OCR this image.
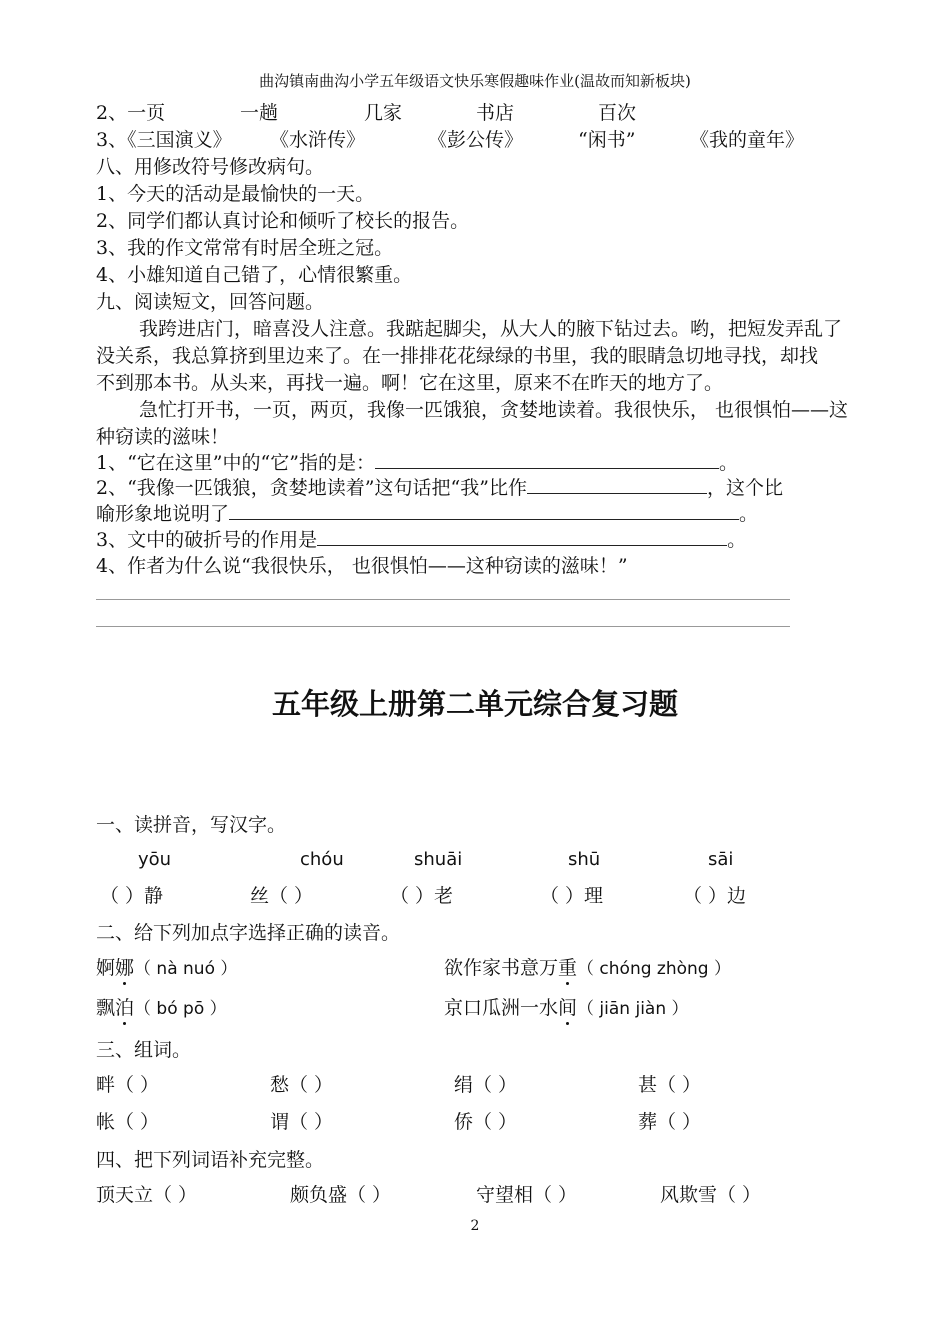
曲沟镇南曲沟小学五年级语文快乐寒假趣味作业(温故而知新板块)
2、一页	一趟	几家	书店	百次
3、《三国演义》 《水浒传》	《彭公传》	“闲书”	《我的童年》
八、用修改符号修改病句。
1、今天的活动是最愉快的一天。
2、同学们都认真讨论和倾听了校长的报告。
3、我的作文常常有时居全班之冠。
4、小雄知道自己错了，心情很繁重。
九、阅读短文，回答问题。
我跨进店门，暗喜没人注意。我踮起脚尖，从大人的腋下钻过去。哟，把短发弄乱了
没关系，我总算挤到里边来了。在一排排花花绿绿的书里，我的眼睛急切地寻找，却找
不到那本书。从头来，再找一遍。啊！它在这里，原来不在昨天的地方了。
急忙打开书，一页，两页，我像一匹饿狼，贪婪地读着。我很快乐， 也很惧怕——这
种窃读的滋味！
1、“它在这里”中的“它”指的是：	。
2、“我像一匹饿狼，贪婪地读着”这句话把“我”比作	，这个比
喻形象地说明了	。
3、文中的破折号的作用是	。
4、作者为什么说“我很快乐， 也很惧怕——这种窃读的滋味！”
五年级上册第二单元综合复习题
一、读拼音，写汉字。
yōu	chóu	shuāi	shū	sāi
（ ）静	丝（ ）	（ ）老	（ ）理	（ ）边
二、给下列加点字选择正确的读音。
婀娜（ nà nuó ）	欲作家书意万重（ chóng zhòng ）
飘泊（ bó pō ）	京口瓜洲一水间（ jiān jiàn ）
三、组词。
畔（ ）	愁（ ）	绢（ ）	甚（ ）
帐（ ）	谓（ ）	侨（ ）	葬（ ）
四、把下列词语补充完整。
顶天立（ ）	颇负盛（ ）	守望相（ ）	风欺雪（ ）
2
